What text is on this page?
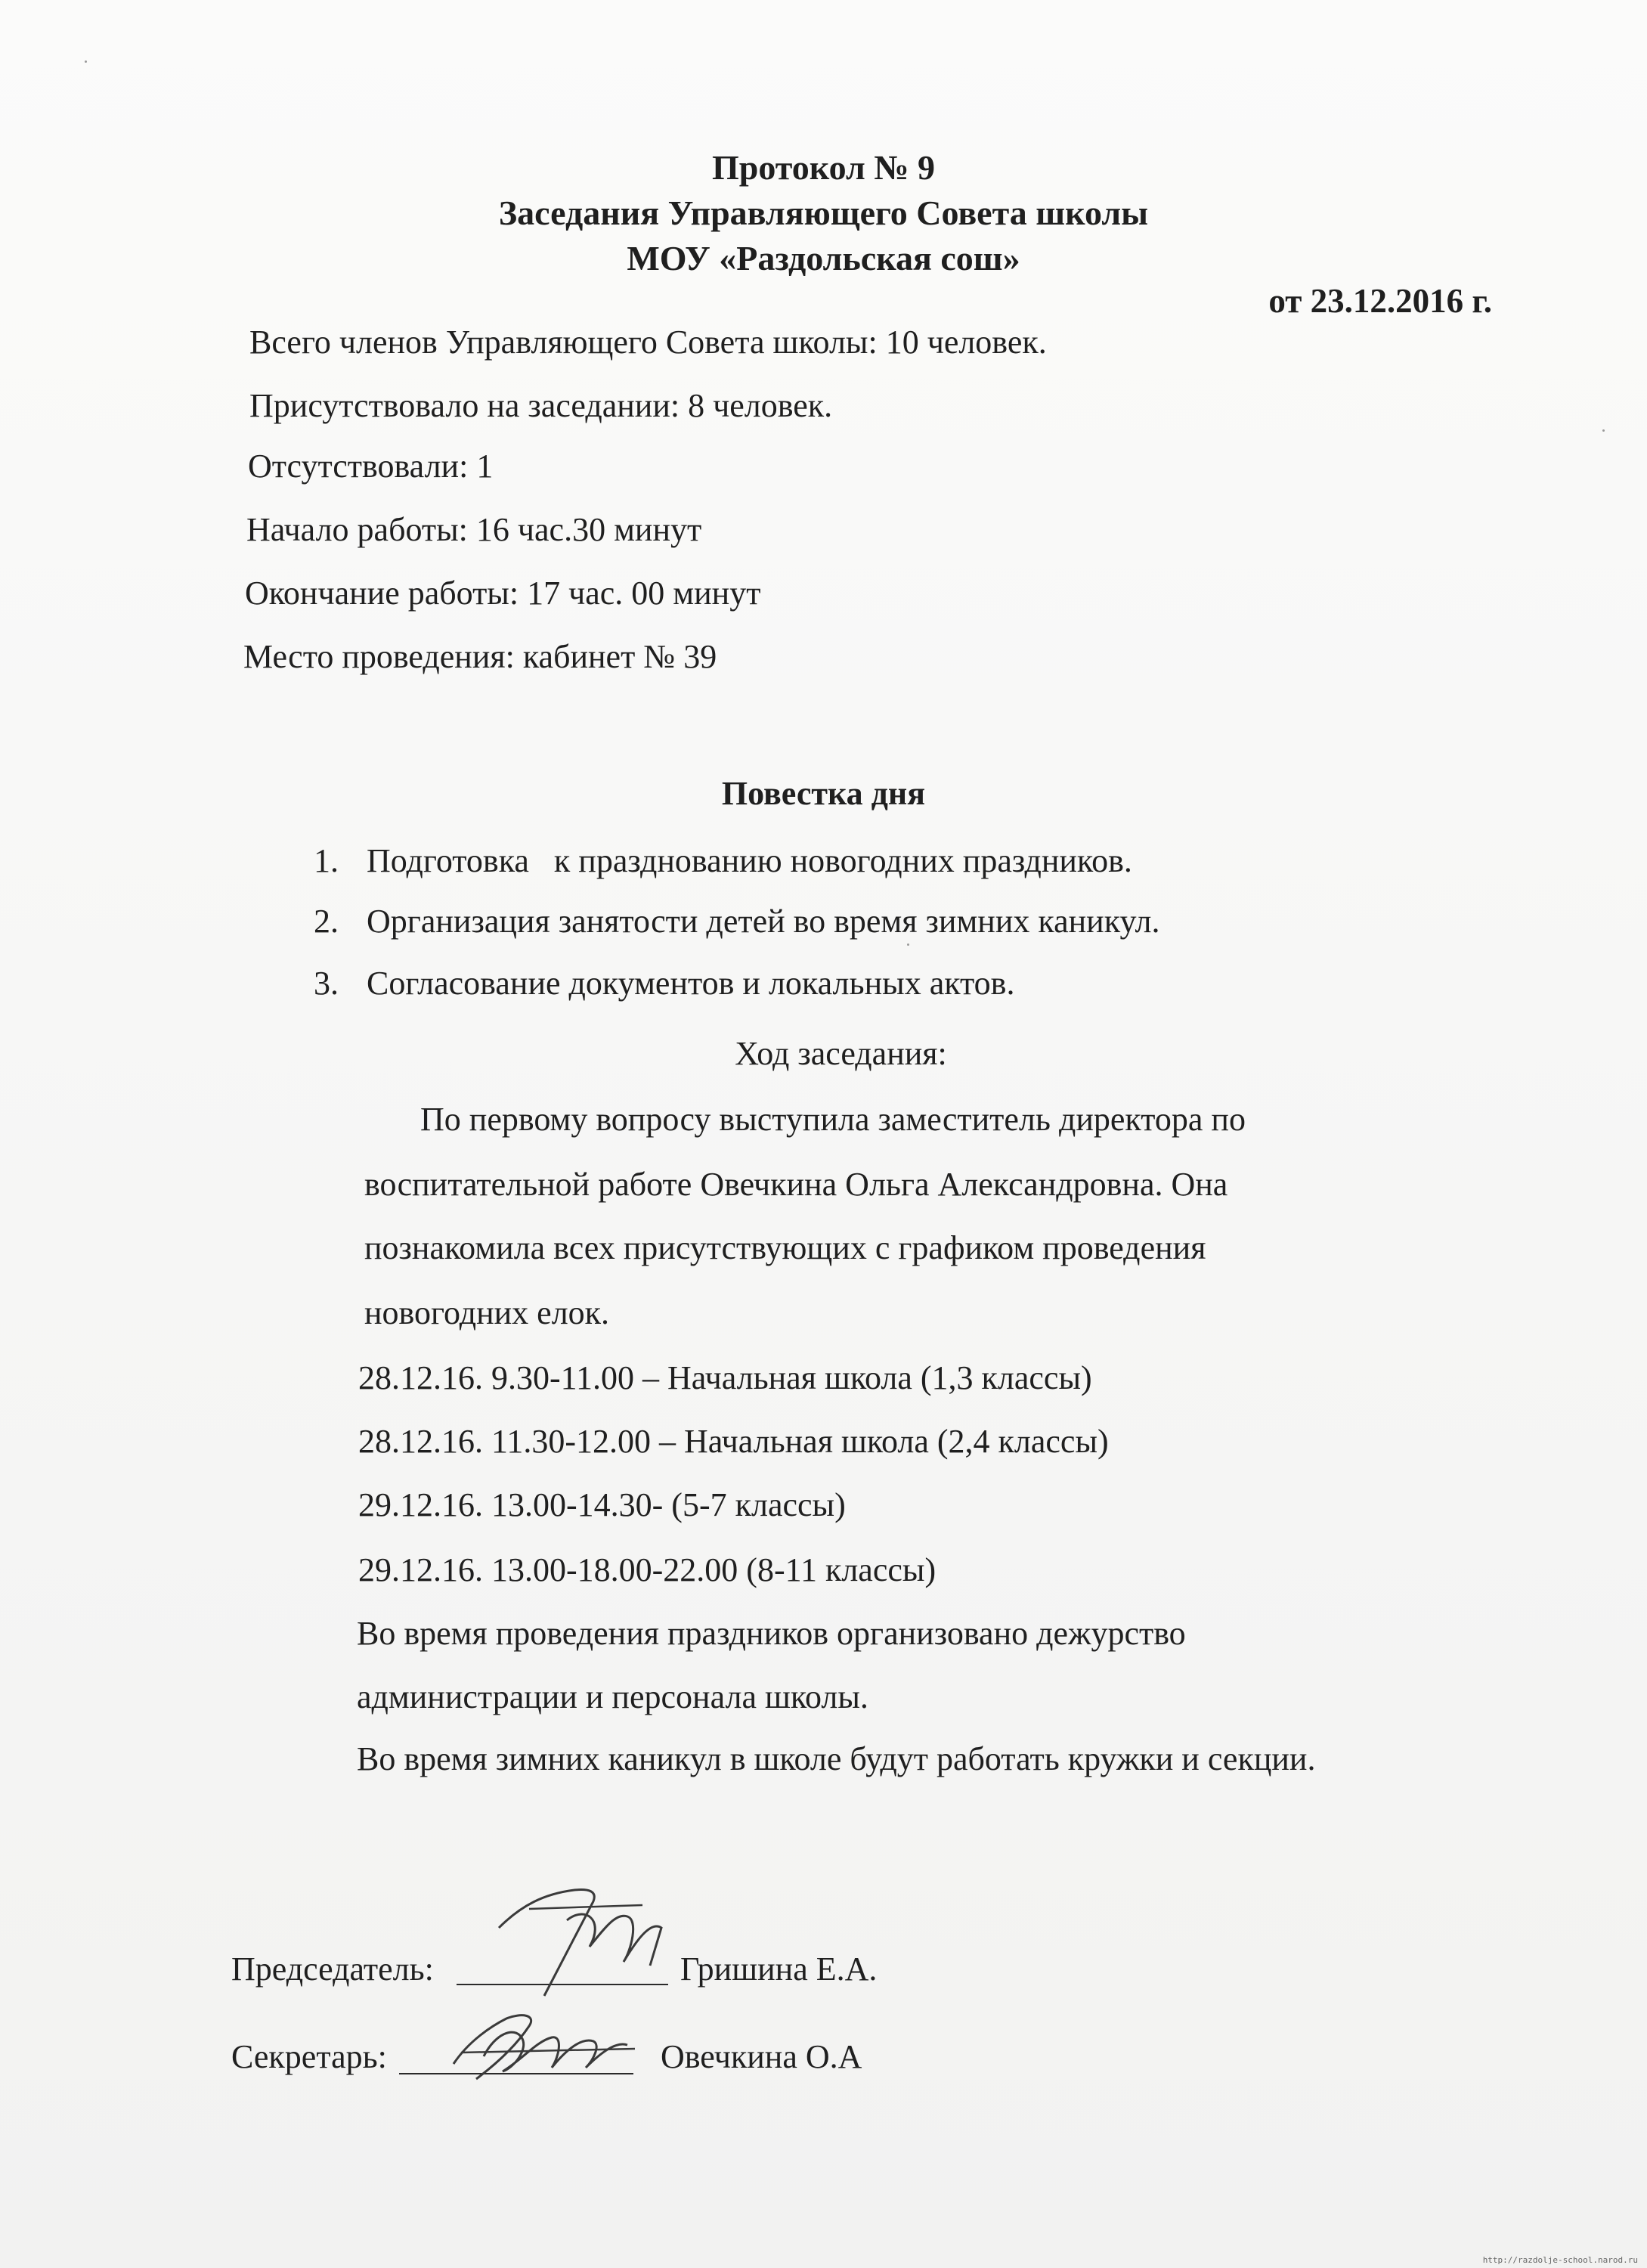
Протокол № 9
Заседания Управляющего Совета школы
МОУ «Раздольская сош»
от 23.12.2016 г.
Всего членов Управляющего Совета школы: 10 человек.
Присутствовало на заседании: 8 человек.
Отсутствовали: 1
Начало работы: 16 час.30 минут
Окончание работы: 17 час. 00 минут
Место проведения: кабинет № 39
Повестка дня
1. Подготовка   к празднованию новогодних праздников.
2. Организация занятости детей во время зимних каникул.
3. Согласование документов и локальных актов.
Ход заседания:
По первому вопросу выступила заместитель директора по
воспитательной работе Овечкина Ольга Александровна. Она
познакомила всех присутствующих с графиком проведения
новогодних елок.
28.12.16. 9.30-11.00 – Начальная школа (1,3 классы)
28.12.16. 11.30-12.00 – Начальная школа (2,4 классы)
29.12.16. 13.00-14.30- (5-7 классы)
29.12.16. 13.00-18.00-22.00 (8-11 классы)
Во время проведения праздников организовано дежурство
администрации и персонала школы.
Во время зимних каникул в школе будут работать кружки и секции.
Председатель:	Гришина Е.А.
Секретарь:	Овечкина О.А
http://razdolje-school.narod.ru
